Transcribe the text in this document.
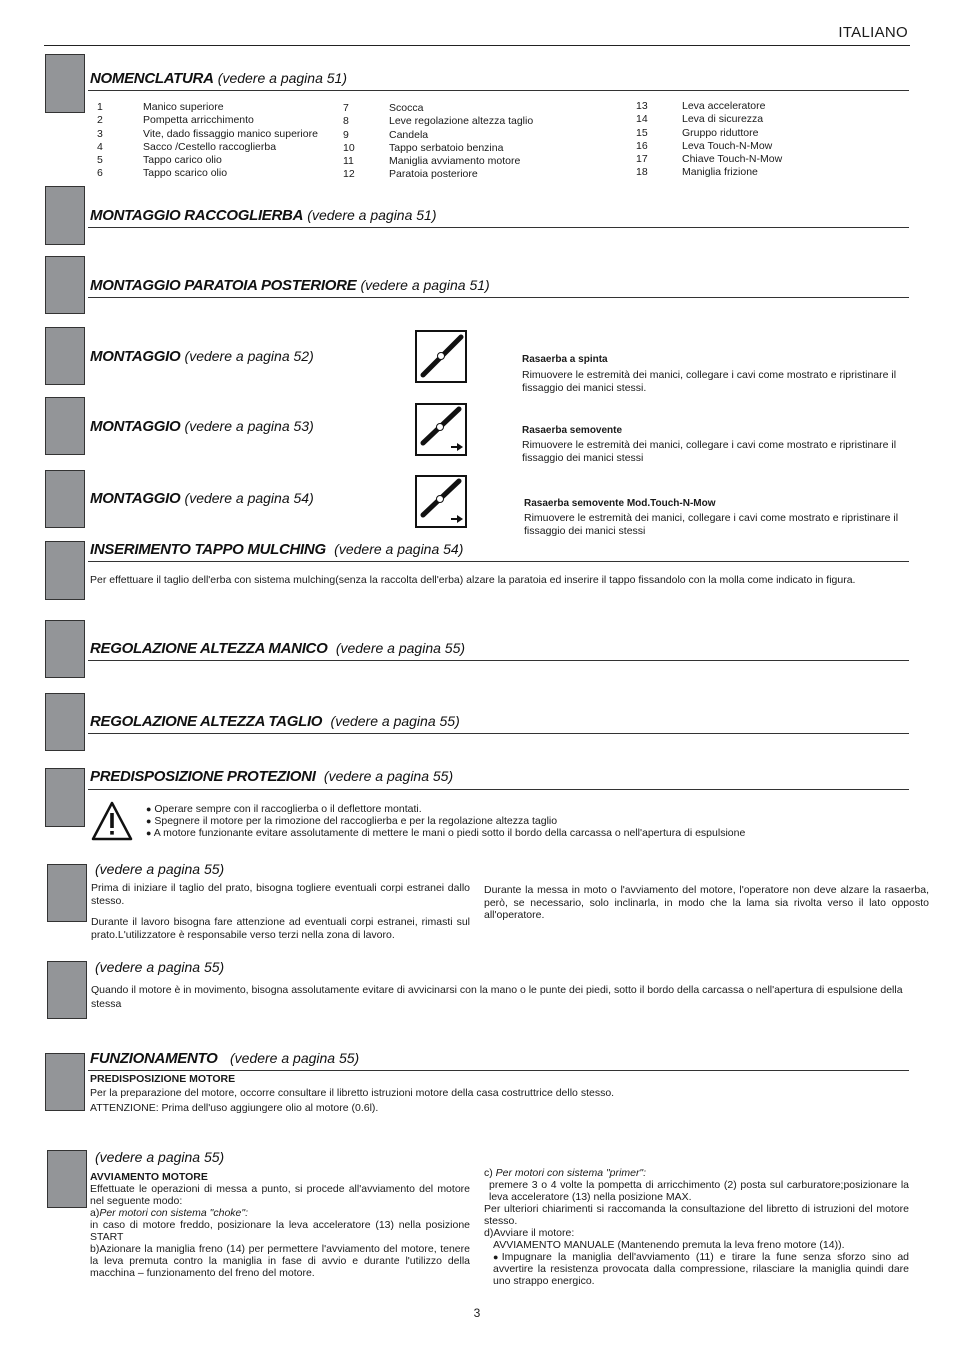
ITALIANO
NOMENCLATURA (vedere a pagina 51)
1	Manico superiore
2	Pompetta arricchimento
3	Vite, dado fissaggio manico superiore
4	Sacco /Cestello raccoglierba
5	Tappo carico olio
6	Tappo scarico olio
7	Scocca
8	Leve regolazione altezza taglio
9	Candela
10	Tappo serbatoio benzina
11	Maniglia avviamento motore
12	Paratoia posteriore
13	Leva acceleratore
14	Leva di sicurezza
15	Gruppo riduttore
16	Leva Touch-N-Mow
17	Chiave Touch-N-Mow
18	Maniglia frizione
MONTAGGIO RACCOGLIERBA (vedere a pagina 51)
MONTAGGIO PARATOIA POSTERIORE (vedere a pagina 51)
MONTAGGIO (vedere a pagina 52)	Rasaerba a spinta
Rimuovere le estremità dei manici, collegare i cavi come mostrato e ripristinare il fissaggio dei manici stessi.
MONTAGGIO (vedere a pagina 53)	Rasaerba semovente
Rimuovere le estremità dei manici, collegare i cavi come mostrato e ripristinare il fissaggio dei manici stessi
MONTAGGIO (vedere a pagina 54)	Rasaerba semovente Mod.Touch-N-Mow
Rimuovere le estremità dei manici, collegare i cavi come mostrato e ripristinare il fissaggio dei manici stessi
INSERIMENTO TAPPO MULCHING (vedere a pagina 54)
Per effettuare il taglio dell'erba con sistema mulching(senza la raccolta dell'erba) alzare la paratoia ed inserire il tappo fissandolo con la molla come indicato in figura.
REGOLAZIONE ALTEZZA MANICO (vedere a pagina 55)
REGOLAZIONE ALTEZZA TAGLIO (vedere a pagina 55)
PREDISPOSIZIONE PROTEZIONI (vedere a pagina 55)
● Operare sempre con il raccoglierba o il deflettore montati.
● Spegnere il motore per la rimozione del raccoglierba e per la regolazione altezza taglio
● A motore funzionante evitare assolutamente di mettere le mani o piedi sotto il bordo della carcassa o nell'apertura di espulsione
(vedere a pagina 55)
Prima di iniziare il taglio del prato, bisogna togliere eventuali corpi estranei dallo stesso.
Durante il lavoro bisogna fare attenzione ad eventuali corpi estranei, rimasti sul prato.L'utilizzatore è responsabile verso terzi nella zona di lavoro.
Durante la messa in moto o l'avviamento del motore, l'operatore non deve alzare la rasaerba, però, se necessario, solo inclinarla, in modo che la lama sia rivolta verso il lato opposto all'operatore.
(vedere a pagina 55)
Quando il motore è in movimento, bisogna assolutamente evitare di avvicinarsi con la mano o le punte dei piedi, sotto il bordo della carcassa o nell'apertura di espulsione della stessa
FUNZIONAMENTO (vedere a pagina 55)
PREDISPOSIZIONE MOTORE
Per la preparazione del motore, occorre consultare il libretto istruzioni motore della casa costruttrice dello stesso.
ATTENZIONE: Prima dell'uso aggiungere olio al motore (0.6l).
(vedere a pagina 55)
AVVIAMENTO MOTORE
Effettuate le operazioni di messa a punto, si procede all'avviamento del motore nel seguente modo:
a)Per motori con sistema "choke":
in caso di motore freddo, posizionare la leva acceleratore (13) nella posizione START
b)Azionare la maniglia freno (14) per permettere l'avviamento del motore, tenere la leva premuta contro la maniglia in fase di avvio e durante l'utilizzo della macchina – funzionamento del freno del motore.
c) Per motori con sistema "primer":
premere 3 o 4 volte la pompetta di arricchimento (2) posta sul carburatore;posizionare la leva acceleratore (13) nella posizione MAX.
Per ulteriori chiarimenti si raccomanda la consultazione del libretto di istruzioni del motore stesso.
d)Avviare il motore:
AVVIAMENTO MANUALE (Mantenendo premuta la leva freno motore (14)).
●Impugnare la maniglia dell'avviamento (11) e tirare la fune senza sforzo sino ad avvertire la resistenza provocata dalla compressione, rilasciare la maniglia quindi dare uno strappo energico.
3
